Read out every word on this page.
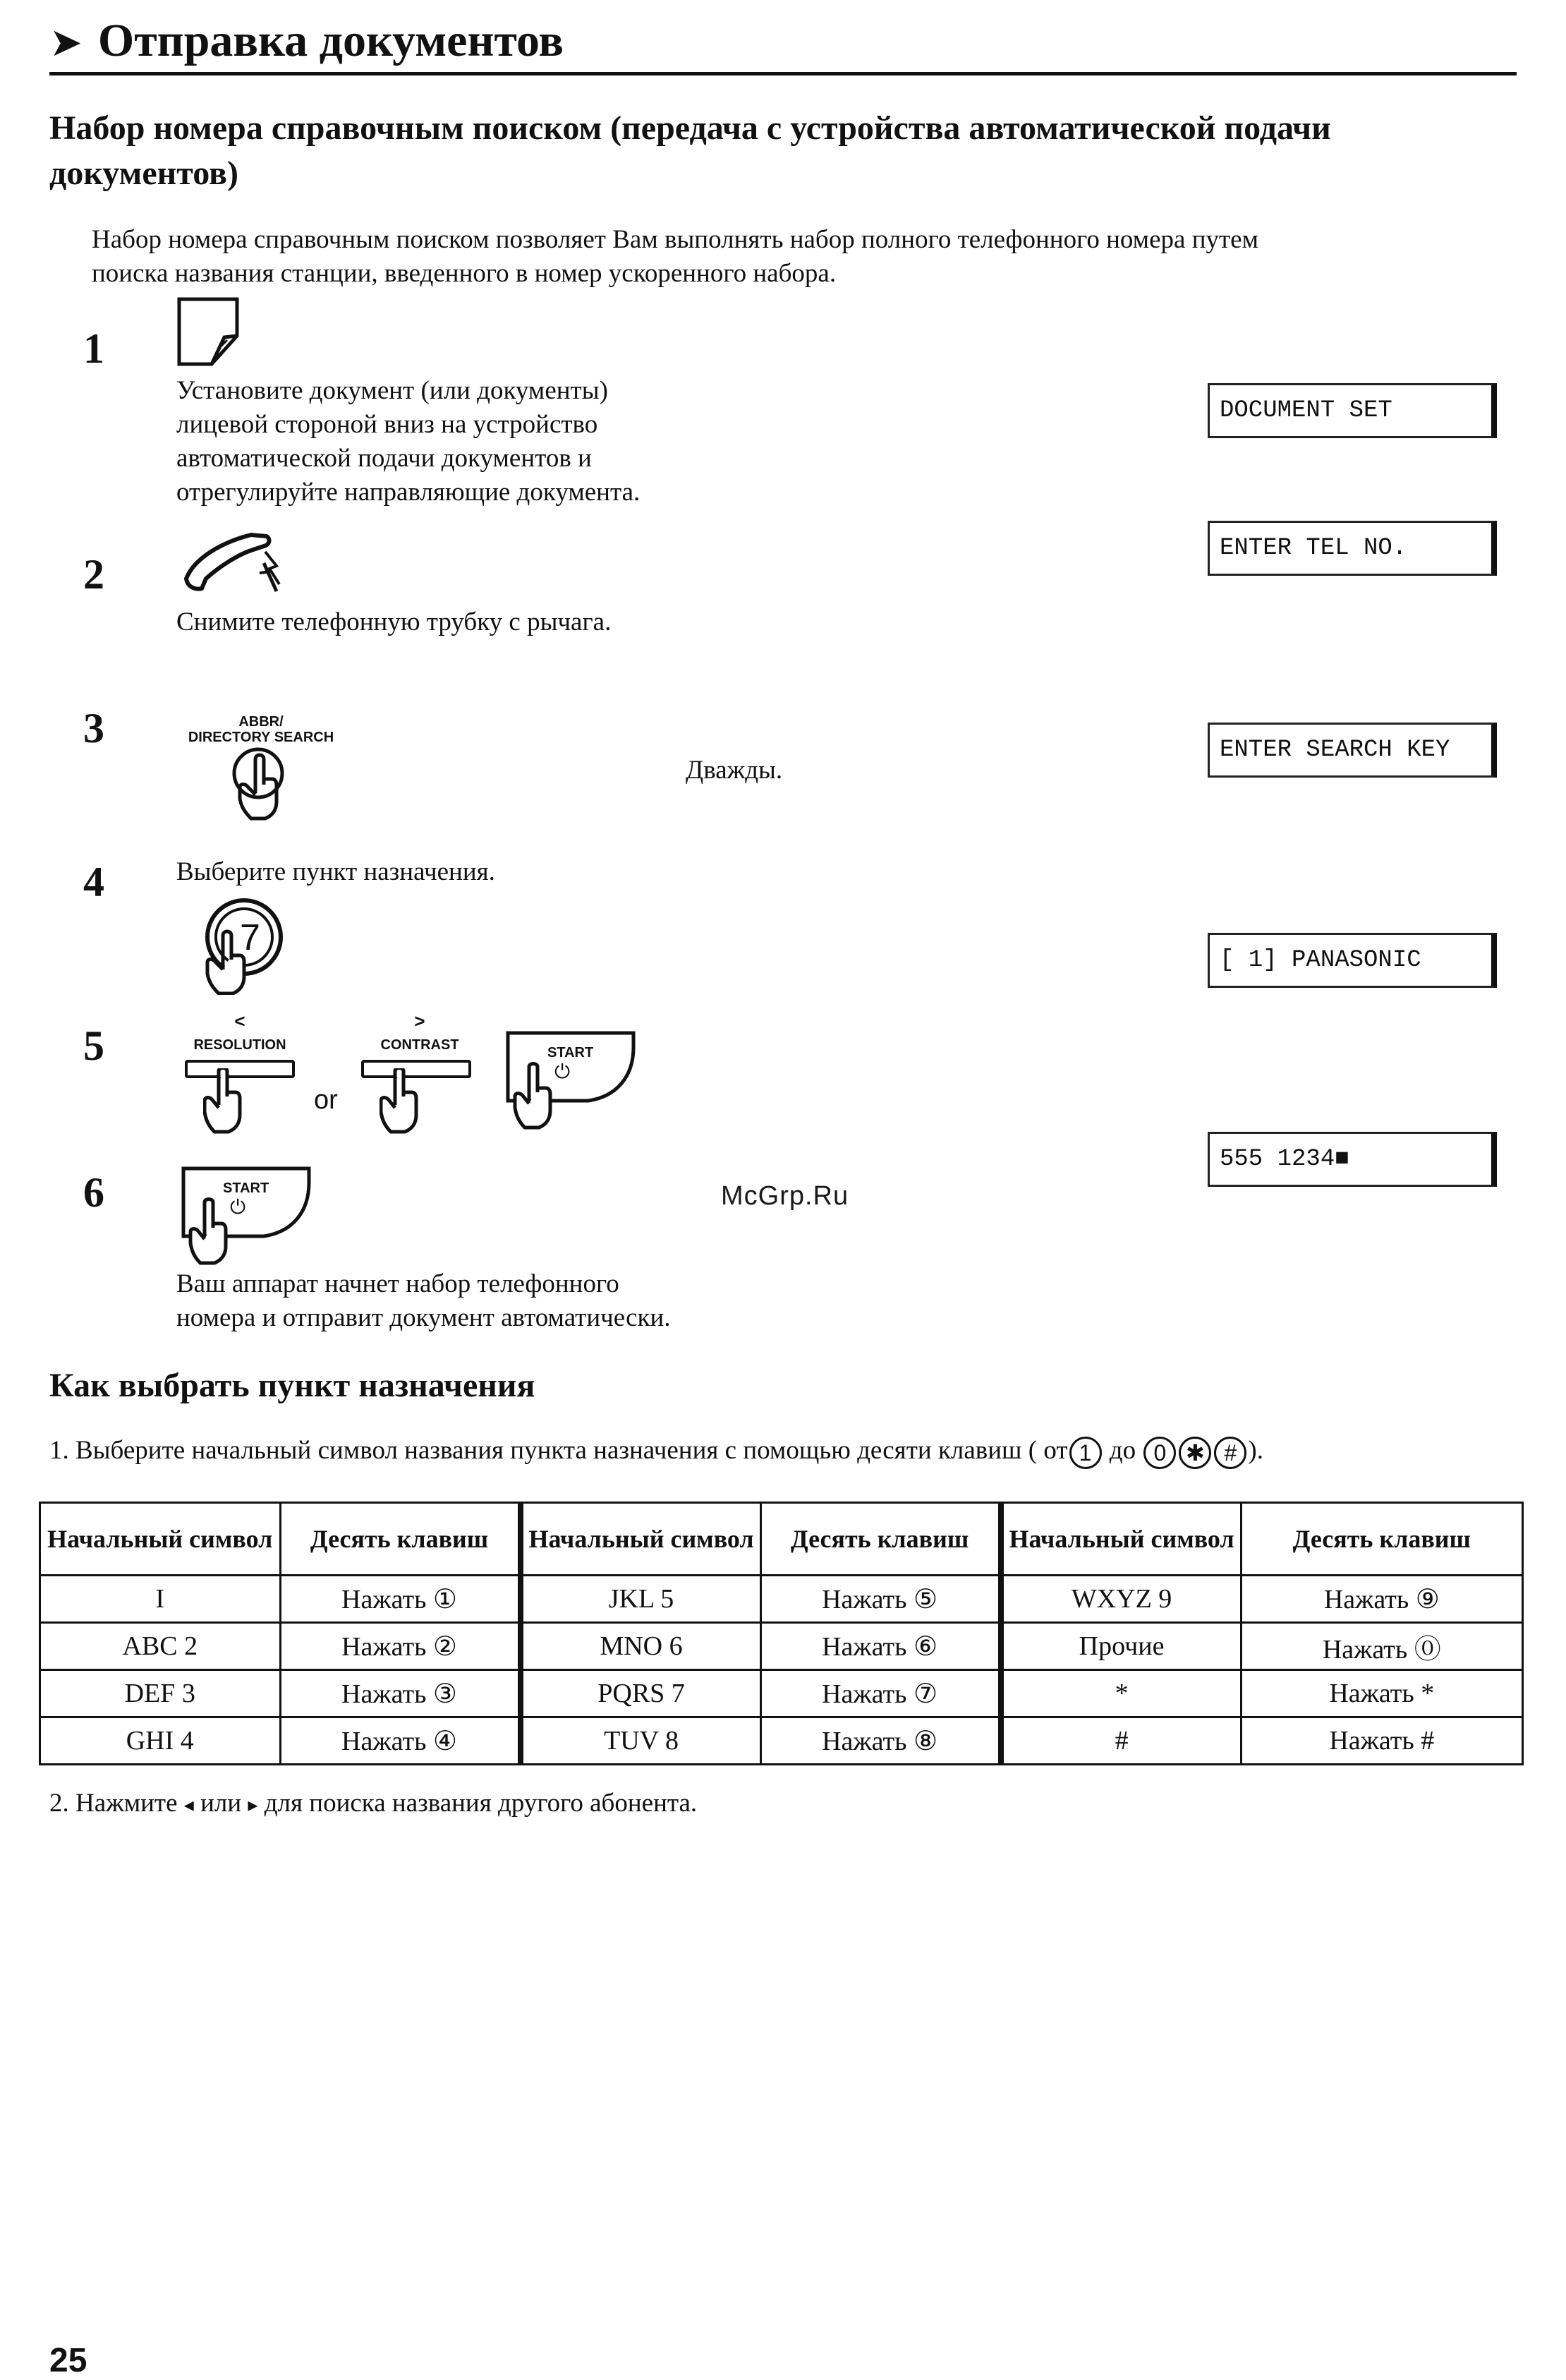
➤ Отправка документов
Набор номера справочным поиском (передача с устройства автоматической подачи документов)
Набор номера справочным поиском позволяет Вам выполнять набор полного телефонного номера путем
поиска названия станции, введенного в номер ускоренного набора.
1
Установите документ (или документы)
лицевой стороной вниз на устройство
автоматической подачи документов и
отрегулируйте направляющие документа.
DOCUMENT SET
2
Снимите телефонную трубку с рычага.
ENTER TEL NO.
3	ABBR/
DIRECTORY SEARCH
Дважды.
ENTER SEARCH KEY
4	Выберите пункт назначения.
7
[ 1] PANASONIC
5
<
RESOLUTION
or
>
CONTRAST	START
⏻
6	START
⏻
Ваш аппарат начнет набор телефонного
номера и отправит документ автоматически.
555 1234■
McGrp.Ru
Как выбрать пункт назначения
1. Выберите начальный символ названия пункта назначения с помощью десяти клавиш ( от 1 до 0 ✱ # ).
Начальный символ	Десять клавиш	Начальный символ	Десять клавиш	Начальный символ	Десять клавиш
I	Нажать ①	JKL 5	Нажать ⑤	WXYZ 9	Нажать ⑨
ABC 2	Нажать ②	MNO 6	Нажать ⑥	Прочие	Нажать ⓪
DEF 3	Нажать ③	PQRS 7	Нажать ⑦	*	Нажать *
GHI 4	Нажать ④	TUV 8	Нажать ⑧	#	Нажать #
2. Нажмите ◂ или ▸ для поиска названия другого абонента.
25
